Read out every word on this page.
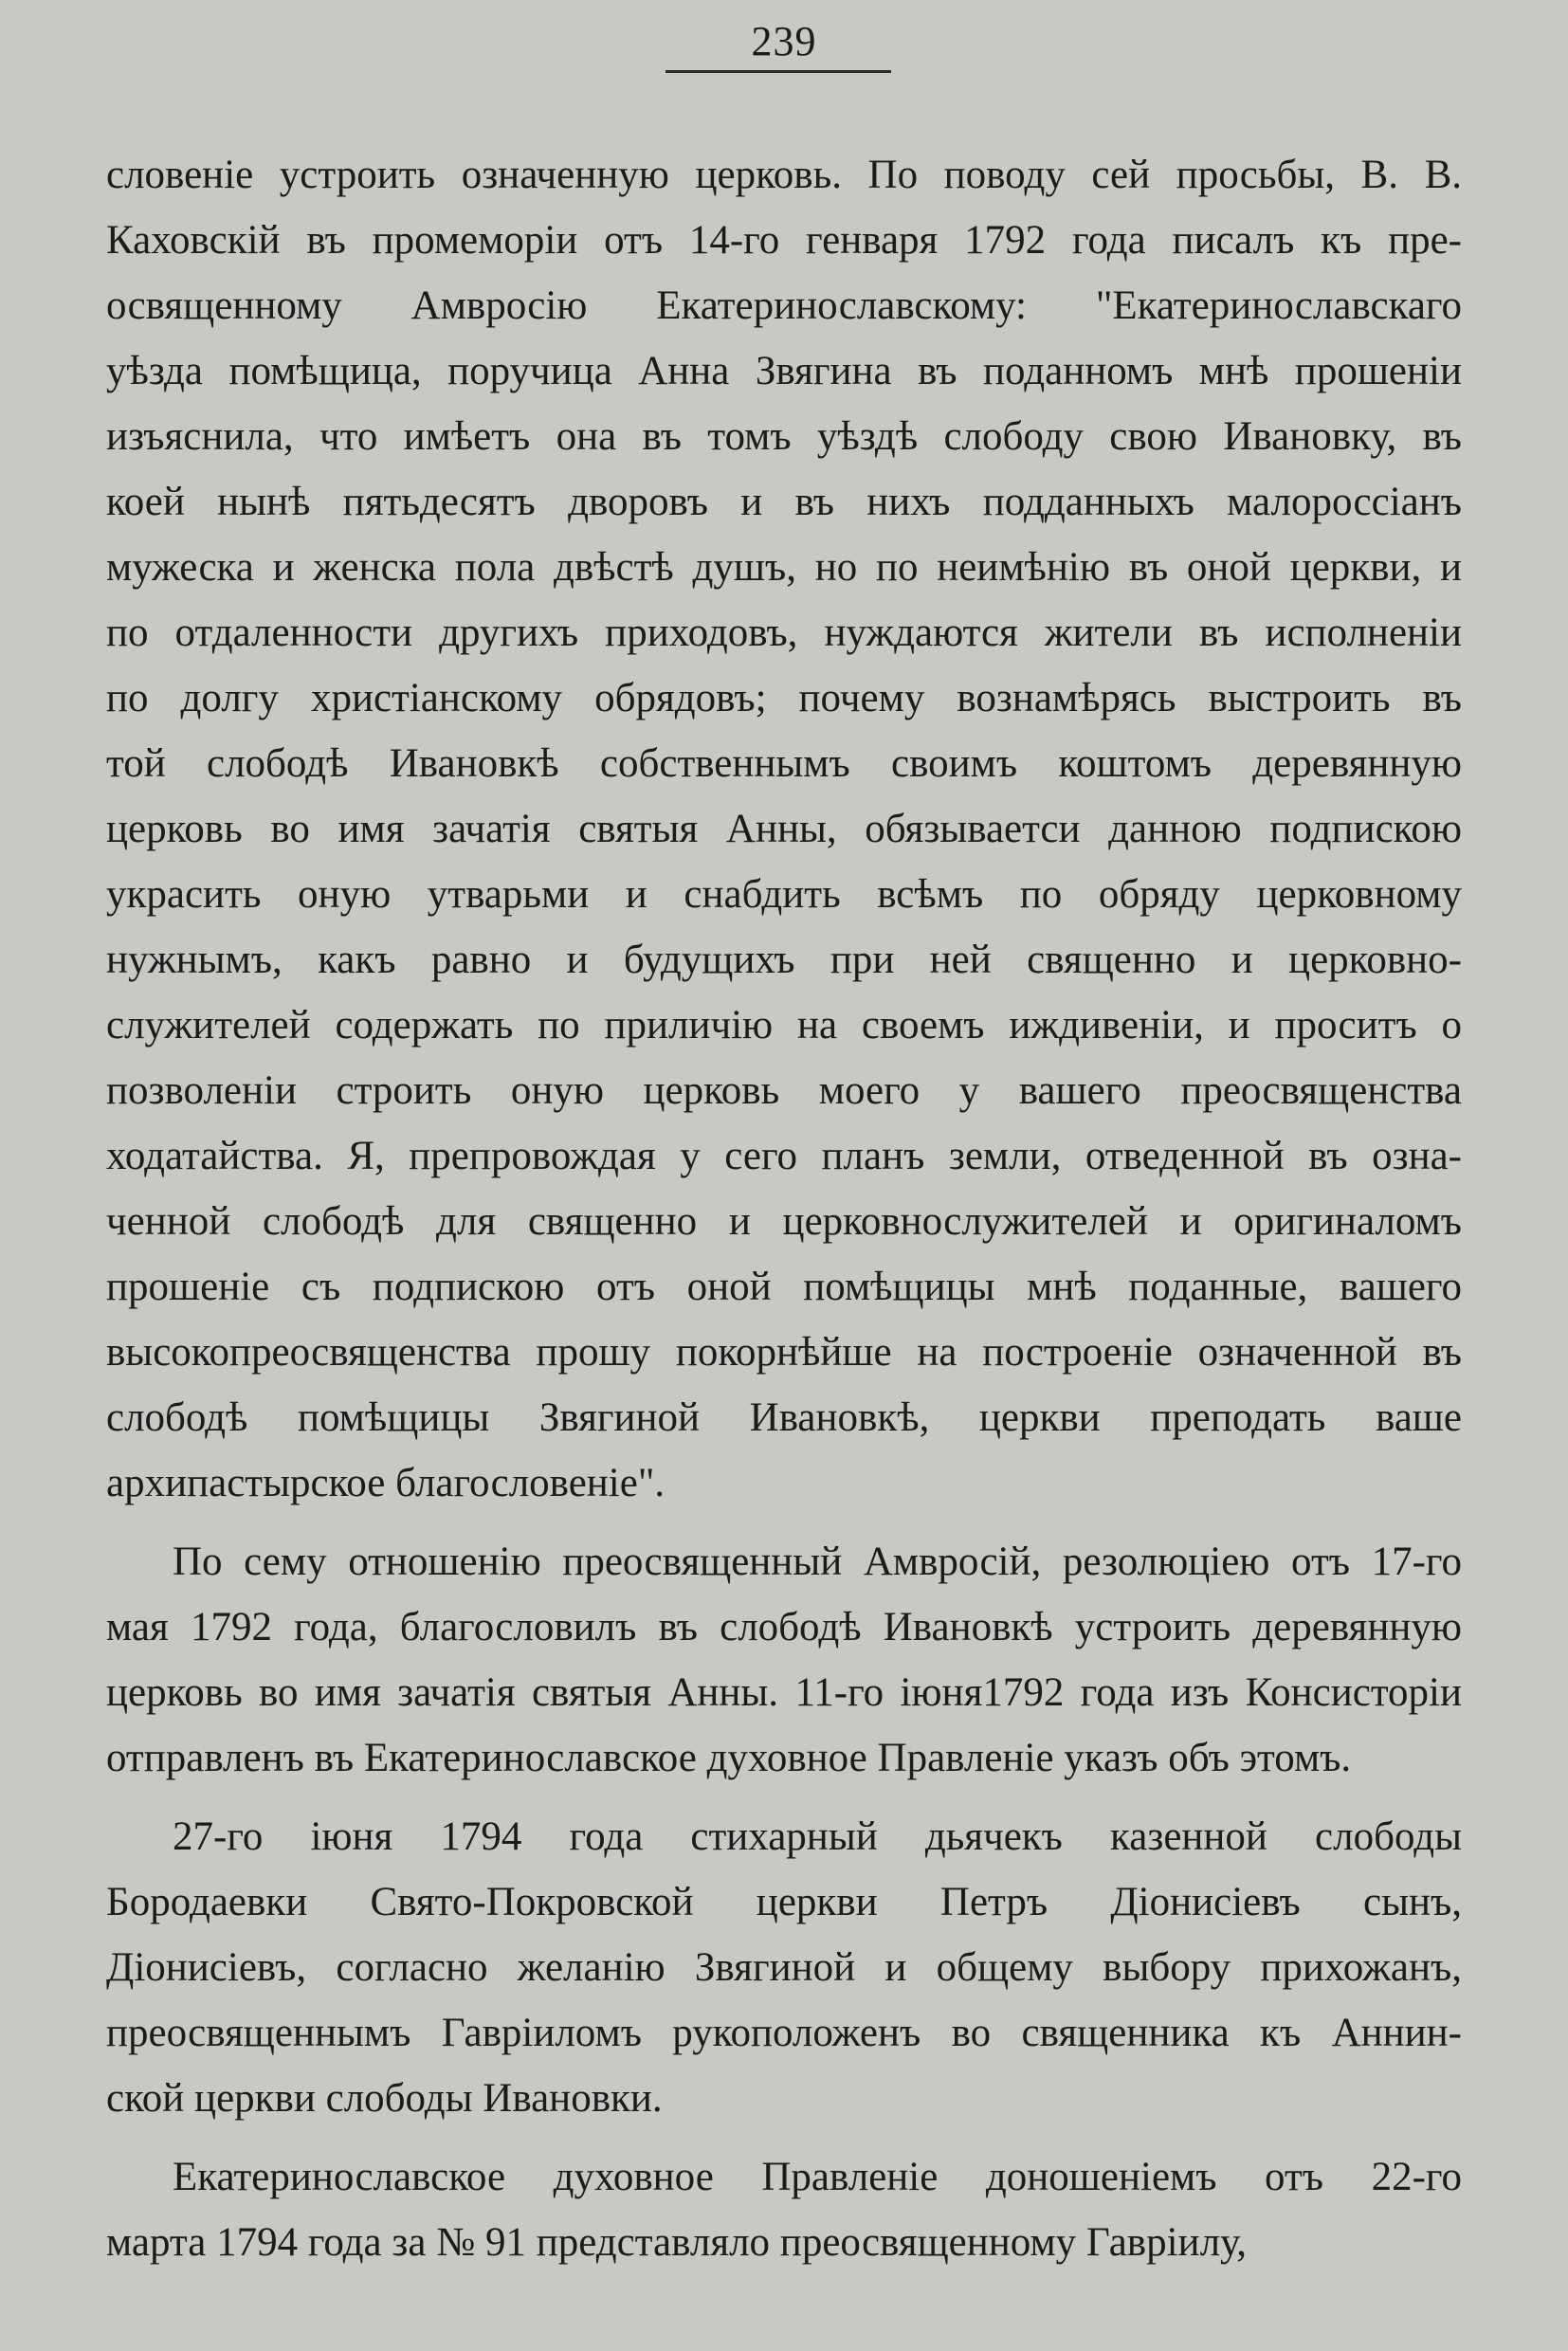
239
словеніе устроить означенную церковь. По поводу сей просьбы, В. В.
Каховскій въ промеморіи отъ 14-го генваря 1792 года писалъ къ пре-
освященному Амвросію Екатеринославскому: "Екатеринославскаго
уѣзда помѣщица, поручица Анна Звягина въ поданномъ мнѣ прошеніи
изъяснила, что имѣетъ она въ томъ уѣздѣ слободу свою Ивановку, въ
коей нынѣ пятьдесятъ дворовъ и въ нихъ подданныхъ малороссіанъ
мужеска и женска пола двѣстѣ душъ, но по неимѣнію въ оной церкви, и
по отдаленности другихъ приходовъ, нуждаются жители въ исполненіи
по долгу христіанскому обрядовъ; почему вознамѣрясь выстроить въ
той слободѣ Ивановкѣ собственнымъ своимъ коштомъ деревянную
церковь во имя зачатія святыя Анны, обязываетси данною подпискою
украсить оную утварьми и снабдить всѣмъ по обряду церковному
нужнымъ, какъ равно и будущихъ при ней священно и церковно-
служителей содержать по приличію на своемъ иждивеніи, и проситъ о
позволеніи строить оную церковь моего у вашего преосвященства
ходатайства. Я, препровождая у сего планъ земли, отведенной въ озна-
ченной слободѣ для священно и церковнослужителей и оригиналомъ
прошеніе съ подпискою отъ оной помѣщицы мнѣ поданные, вашего
высокопреосвященства прошу покорнѣйше на построеніе означенной въ
слободѣ помѣщицы Звягиной Ивановкѣ, церкви преподать ваше
архипастырское благословеніе".
По сему отношенію преосвященный Амвросій, резолюціею отъ 17-го
мая 1792 года, благословилъ въ слободѣ Ивановкѣ устроить деревянную
церковь во имя зачатія святыя Анны. 11-го іюня1792 года изъ Консисторіи
отправленъ въ Екатеринославское духовное Правленіе указъ объ этомъ.
27-го іюня 1794 года стихарный дьячекъ казенной слободы
Бородаевки Свято-Покровской церкви Петръ Діонисіевъ сынъ,
Діонисіевъ, согласно желанію Звягиной и общему выбору прихожанъ,
преосвященнымъ Гавріиломъ рукоположенъ во священника къ Аннин-
ской церкви слободы Ивановки.
Екатеринославское духовное Правленіе доношеніемъ отъ 22-го
марта 1794 года за № 91 представляло преосвященному Гавріилу,
